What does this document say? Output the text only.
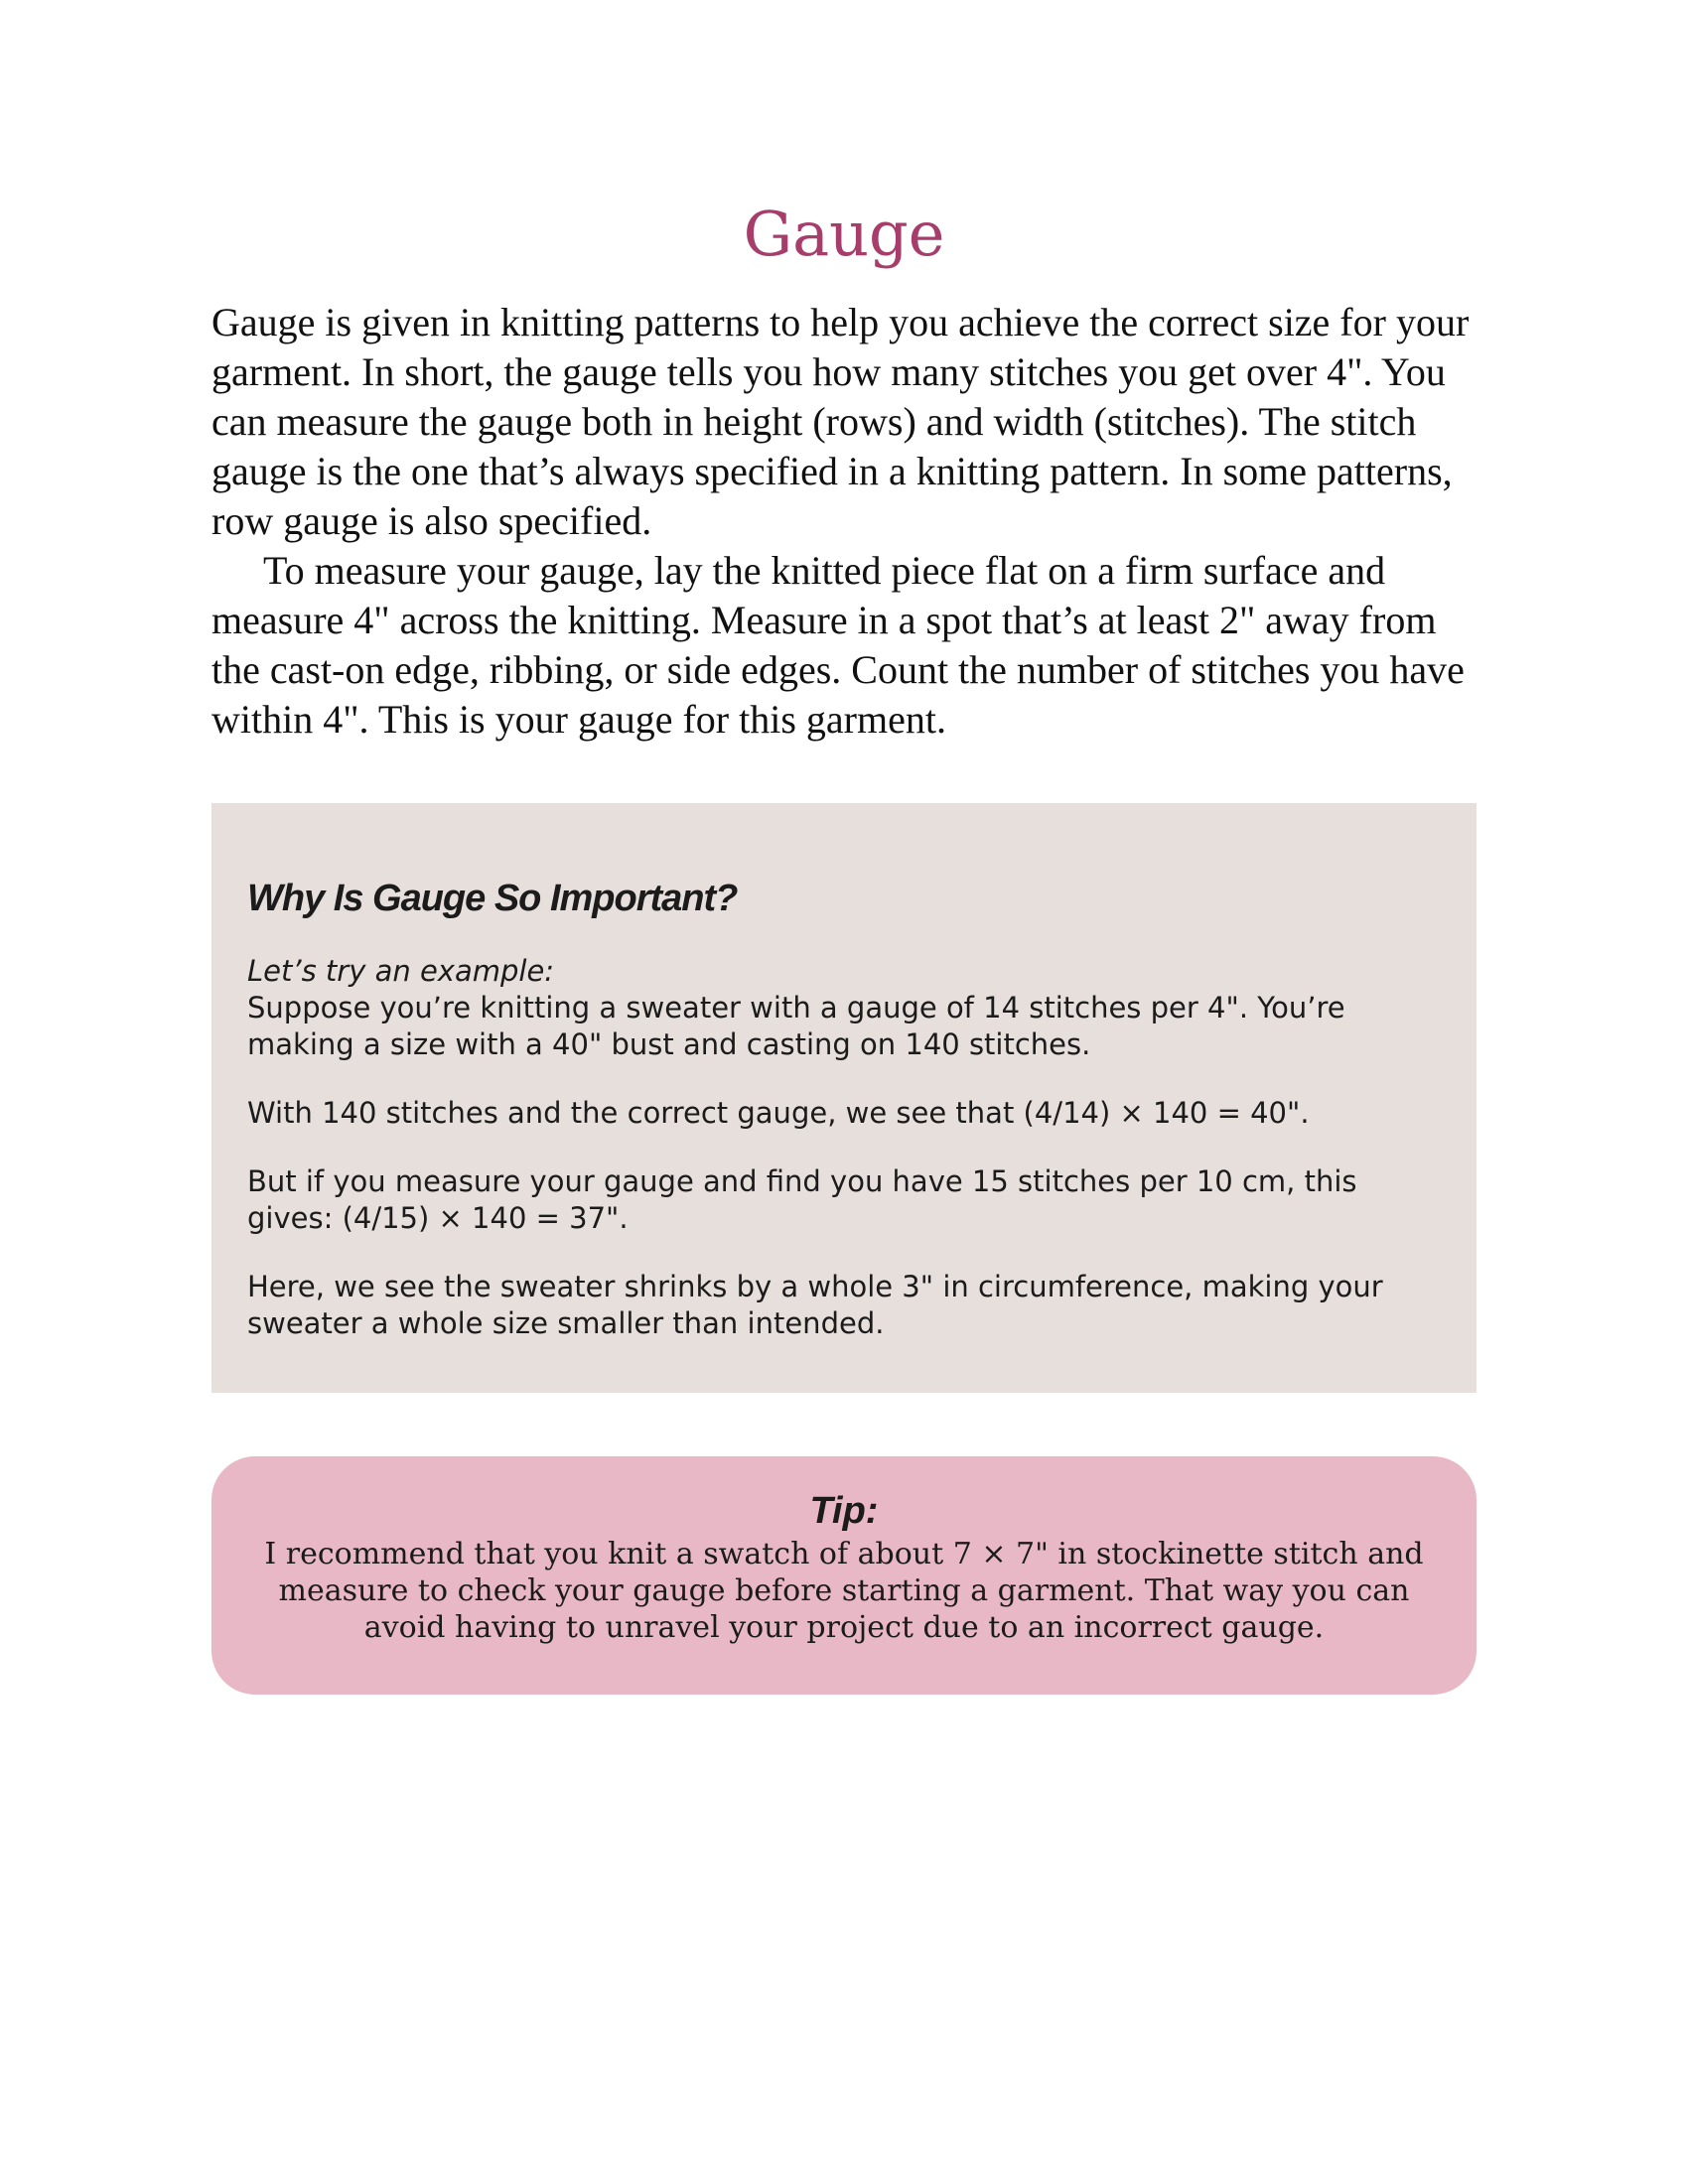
Gauge

Gauge is given in knitting patterns to help you achieve the correct size for your garment. In short, the gauge tells you how many stitches you get over 4". You can measure the gauge both in height (rows) and width (stitches). The stitch gauge is the one that’s always specified in a knitting pattern. In some patterns, row gauge is also specified.

To measure your gauge, lay the knitted piece flat on a firm surface and measure 4" across the knitting. Measure in a spot that’s at least 2" away from the cast-on edge, ribbing, or side edges. Count the number of stitches you have within 4". This is your gauge for this garment.

Why Is Gauge So Important?

Let’s try an example:

Suppose you’re knitting a sweater with a gauge of 14 stitches per 4". You’re making a size with a 40" bust and casting on 140 stitches.

With 140 stitches and the correct gauge, we see that (4/14) × 140 = 40".

But if you measure your gauge and find you have 15 stitches per 10 cm, this gives: (4/15) × 140 = 37".

Here, we see the sweater shrinks by a whole 3" in circumference, making your sweater a whole size smaller than intended.

Tip:

I recommend that you knit a swatch of about 7 × 7" in stockinette stitch and measure to check your gauge before starting a garment. That way you can avoid having to unravel your project due to an incorrect gauge.
